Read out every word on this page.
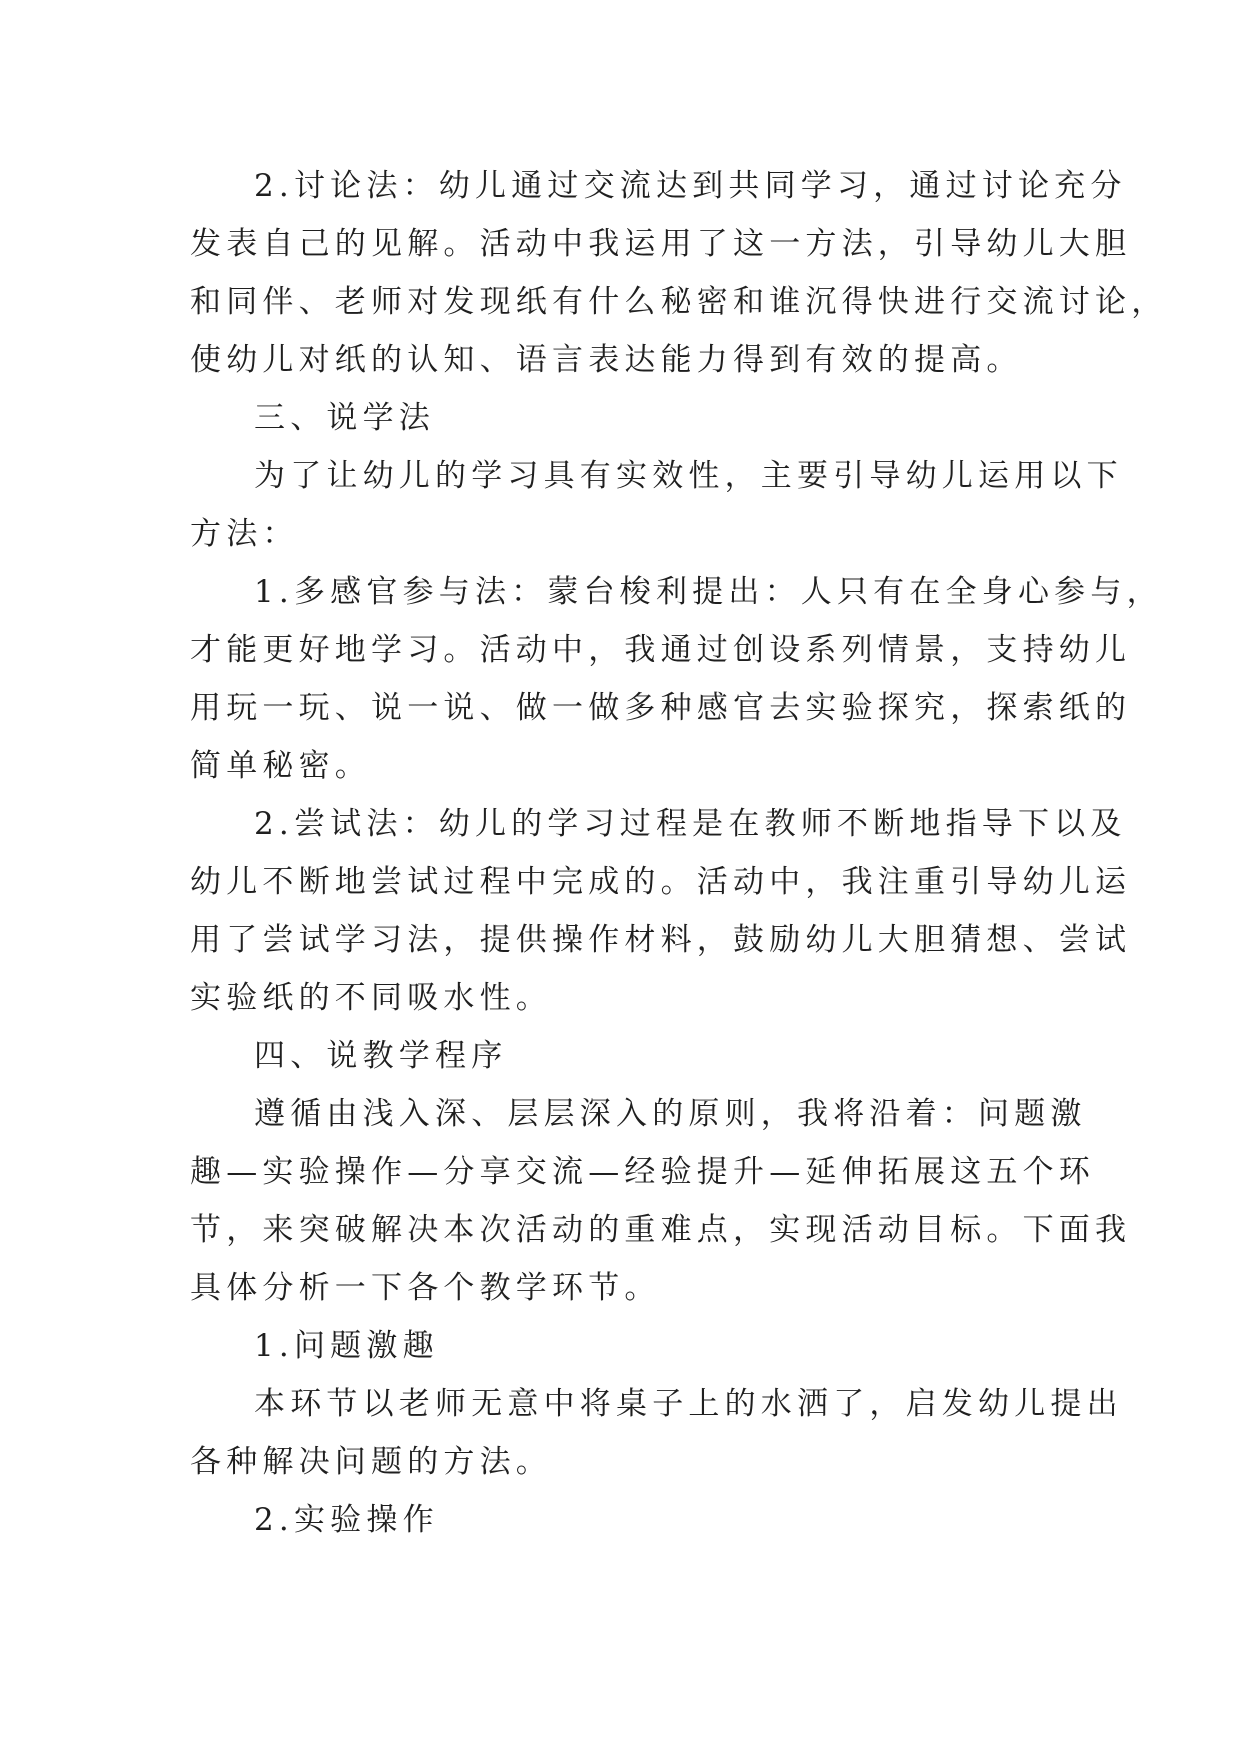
2.讨论法：幼儿通过交流达到共同学习，通过讨论充分
发表自己的见解。活动中我运用了这一方法，引导幼儿大胆
和同伴、老师对发现纸有什么秘密和谁沉得快进行交流讨论，
使幼儿对纸的认知、语言表达能力得到有效的提高。
三、说学法
为了让幼儿的学习具有实效性，主要引导幼儿运用以下
方法：
1.多感官参与法：蒙台梭利提出：人只有在全身心参与，
才能更好地学习。活动中，我通过创设系列情景，支持幼儿
用玩一玩、说一说、做一做多种感官去实验探究，探索纸的
简单秘密。
2.尝试法：幼儿的学习过程是在教师不断地指导下以及
幼儿不断地尝试过程中完成的。活动中，我注重引导幼儿运
用了尝试学习法，提供操作材料，鼓励幼儿大胆猜想、尝试
实验纸的不同吸水性。
四、说教学程序
遵循由浅入深、层层深入的原则，我将沿着：问题激
趣—实验操作—分享交流—经验提升—延伸拓展这五个环
节，来突破解决本次活动的重难点，实现活动目标。下面我
具体分析一下各个教学环节。
1.问题激趣
本环节以老师无意中将桌子上的水洒了，启发幼儿提出
各种解决问题的方法。
2.实验操作
